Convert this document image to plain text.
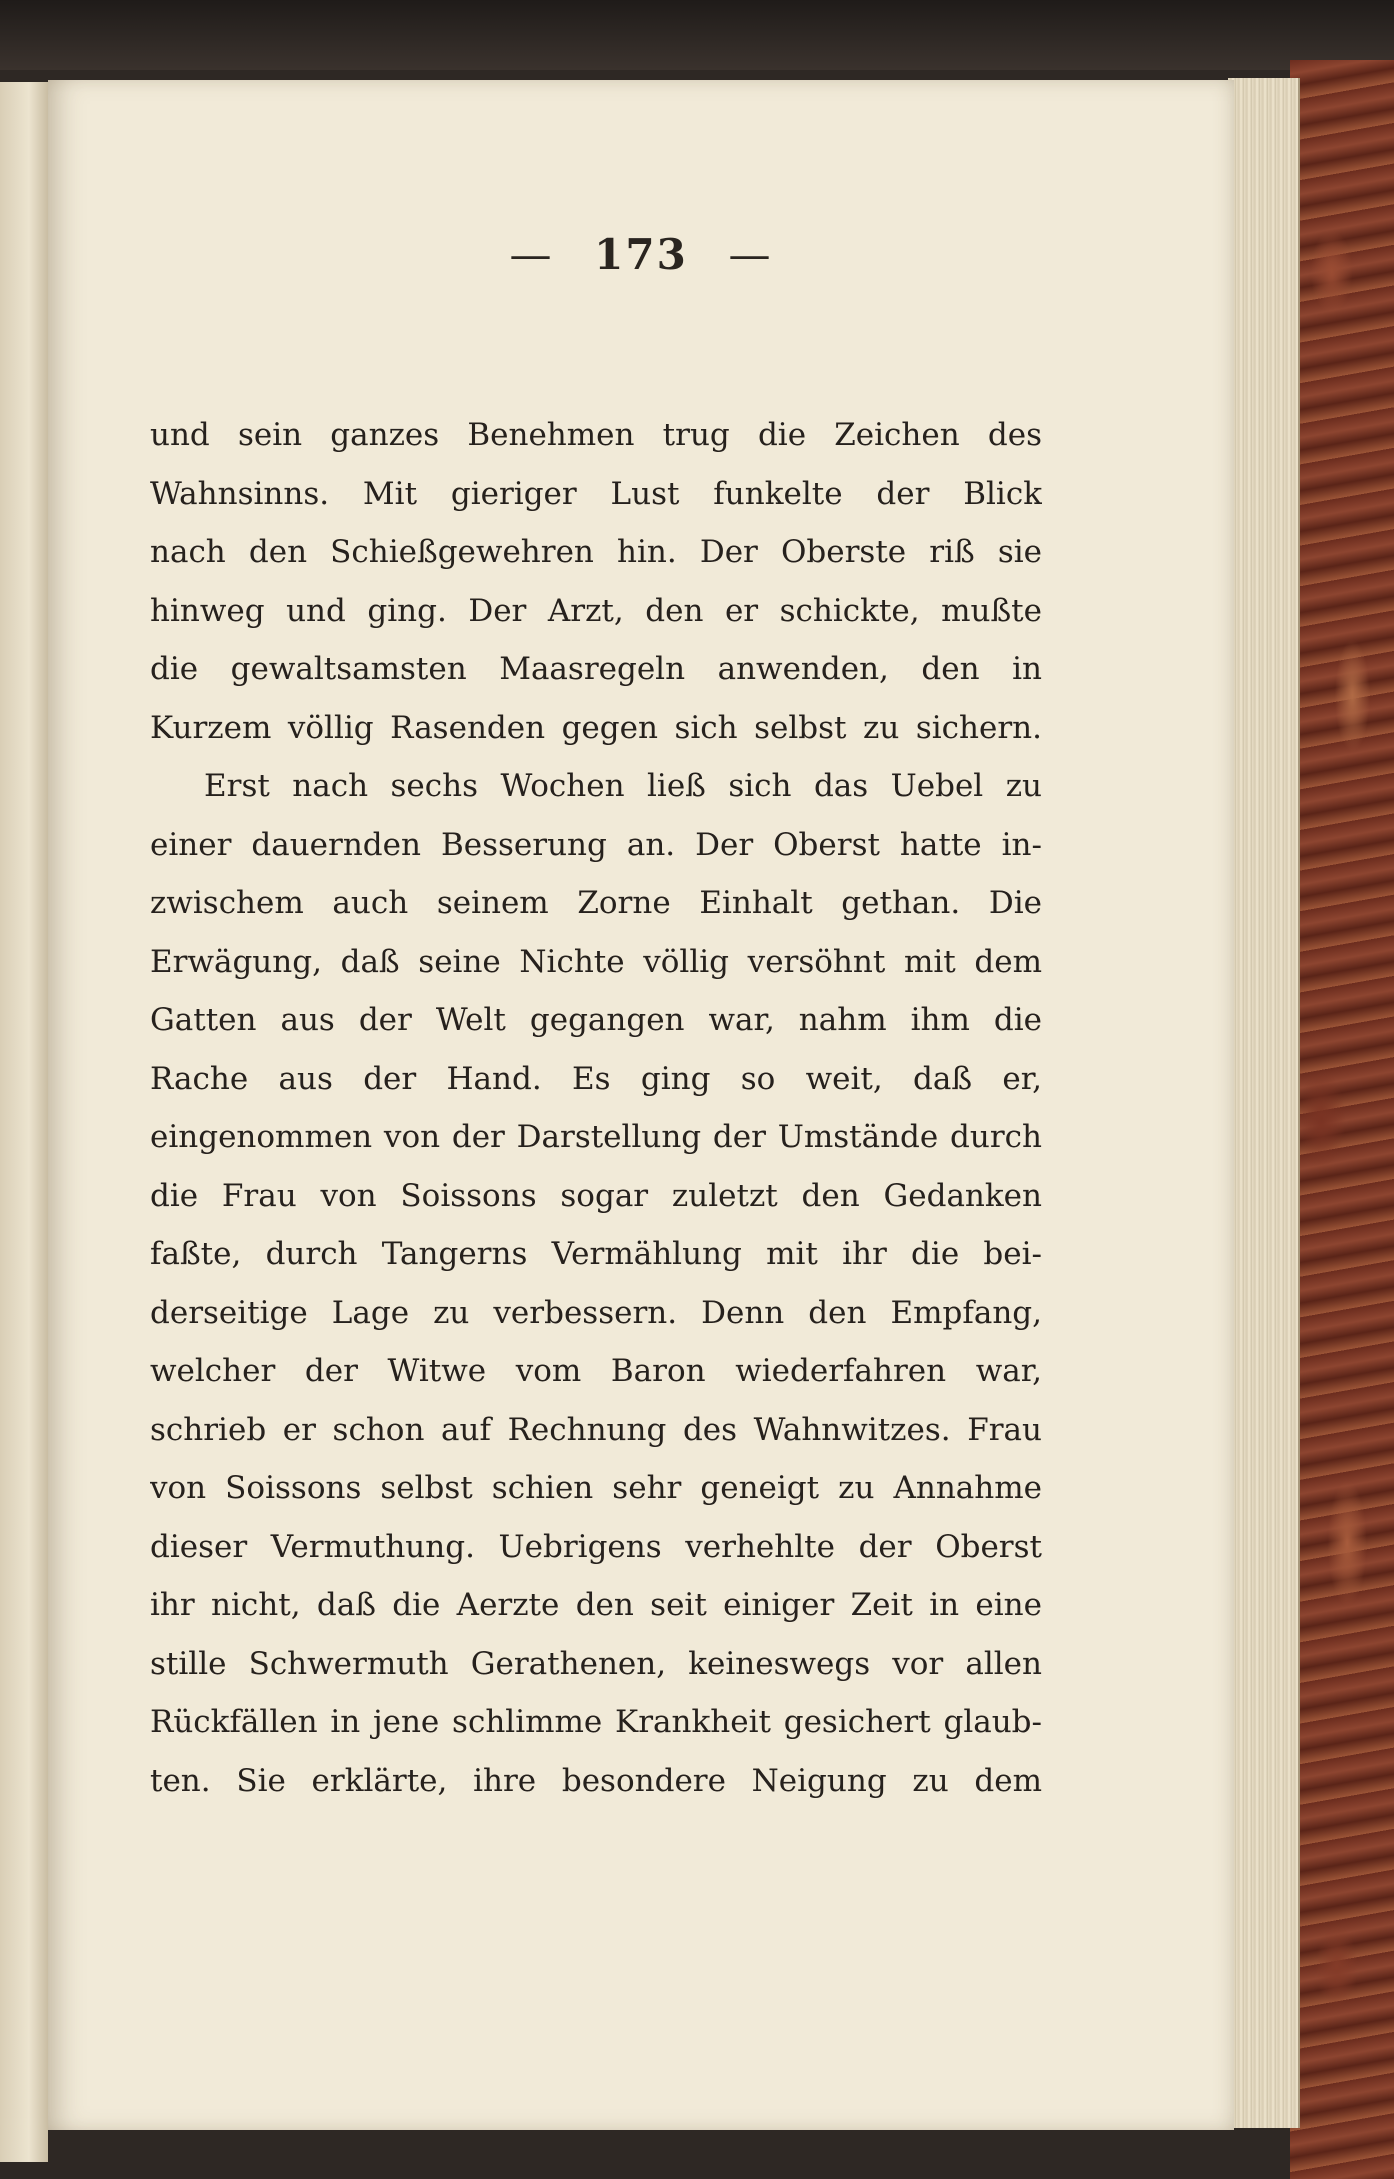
— 173 —
und sein ganzes Benehmen trug die Zeichen des
Wahnsinns. Mit gieriger Lust funkelte der Blick
nach den Schießgewehren hin. Der Oberste riß sie
hinweg und ging. Der Arzt, den er schickte, mußte
die gewaltsamsten Maasregeln anwenden, den in
Kurzem völlig Rasenden gegen sich selbst zu sichern.
Erst nach sechs Wochen ließ sich das Uebel zu
einer dauernden Besserung an. Der Oberst hatte in-
zwischem auch seinem Zorne Einhalt gethan. Die
Erwägung, daß seine Nichte völlig versöhnt mit dem
Gatten aus der Welt gegangen war, nahm ihm die
Rache aus der Hand. Es ging so weit, daß er,
eingenommen von der Darstellung der Umstände durch
die Frau von Soissons sogar zuletzt den Gedanken
faßte, durch Tangerns Vermählung mit ihr die bei-
derseitige Lage zu verbessern. Denn den Empfang,
welcher der Witwe vom Baron wiederfahren war,
schrieb er schon auf Rechnung des Wahnwitzes. Frau
von Soissons selbst schien sehr geneigt zu Annahme
dieser Vermuthung. Uebrigens verhehlte der Oberst
ihr nicht, daß die Aerzte den seit einiger Zeit in eine
stille Schwermuth Gerathenen, keineswegs vor allen
Rückfällen in jene schlimme Krankheit gesichert glaub-
ten. Sie erklärte, ihre besondere Neigung zu dem
